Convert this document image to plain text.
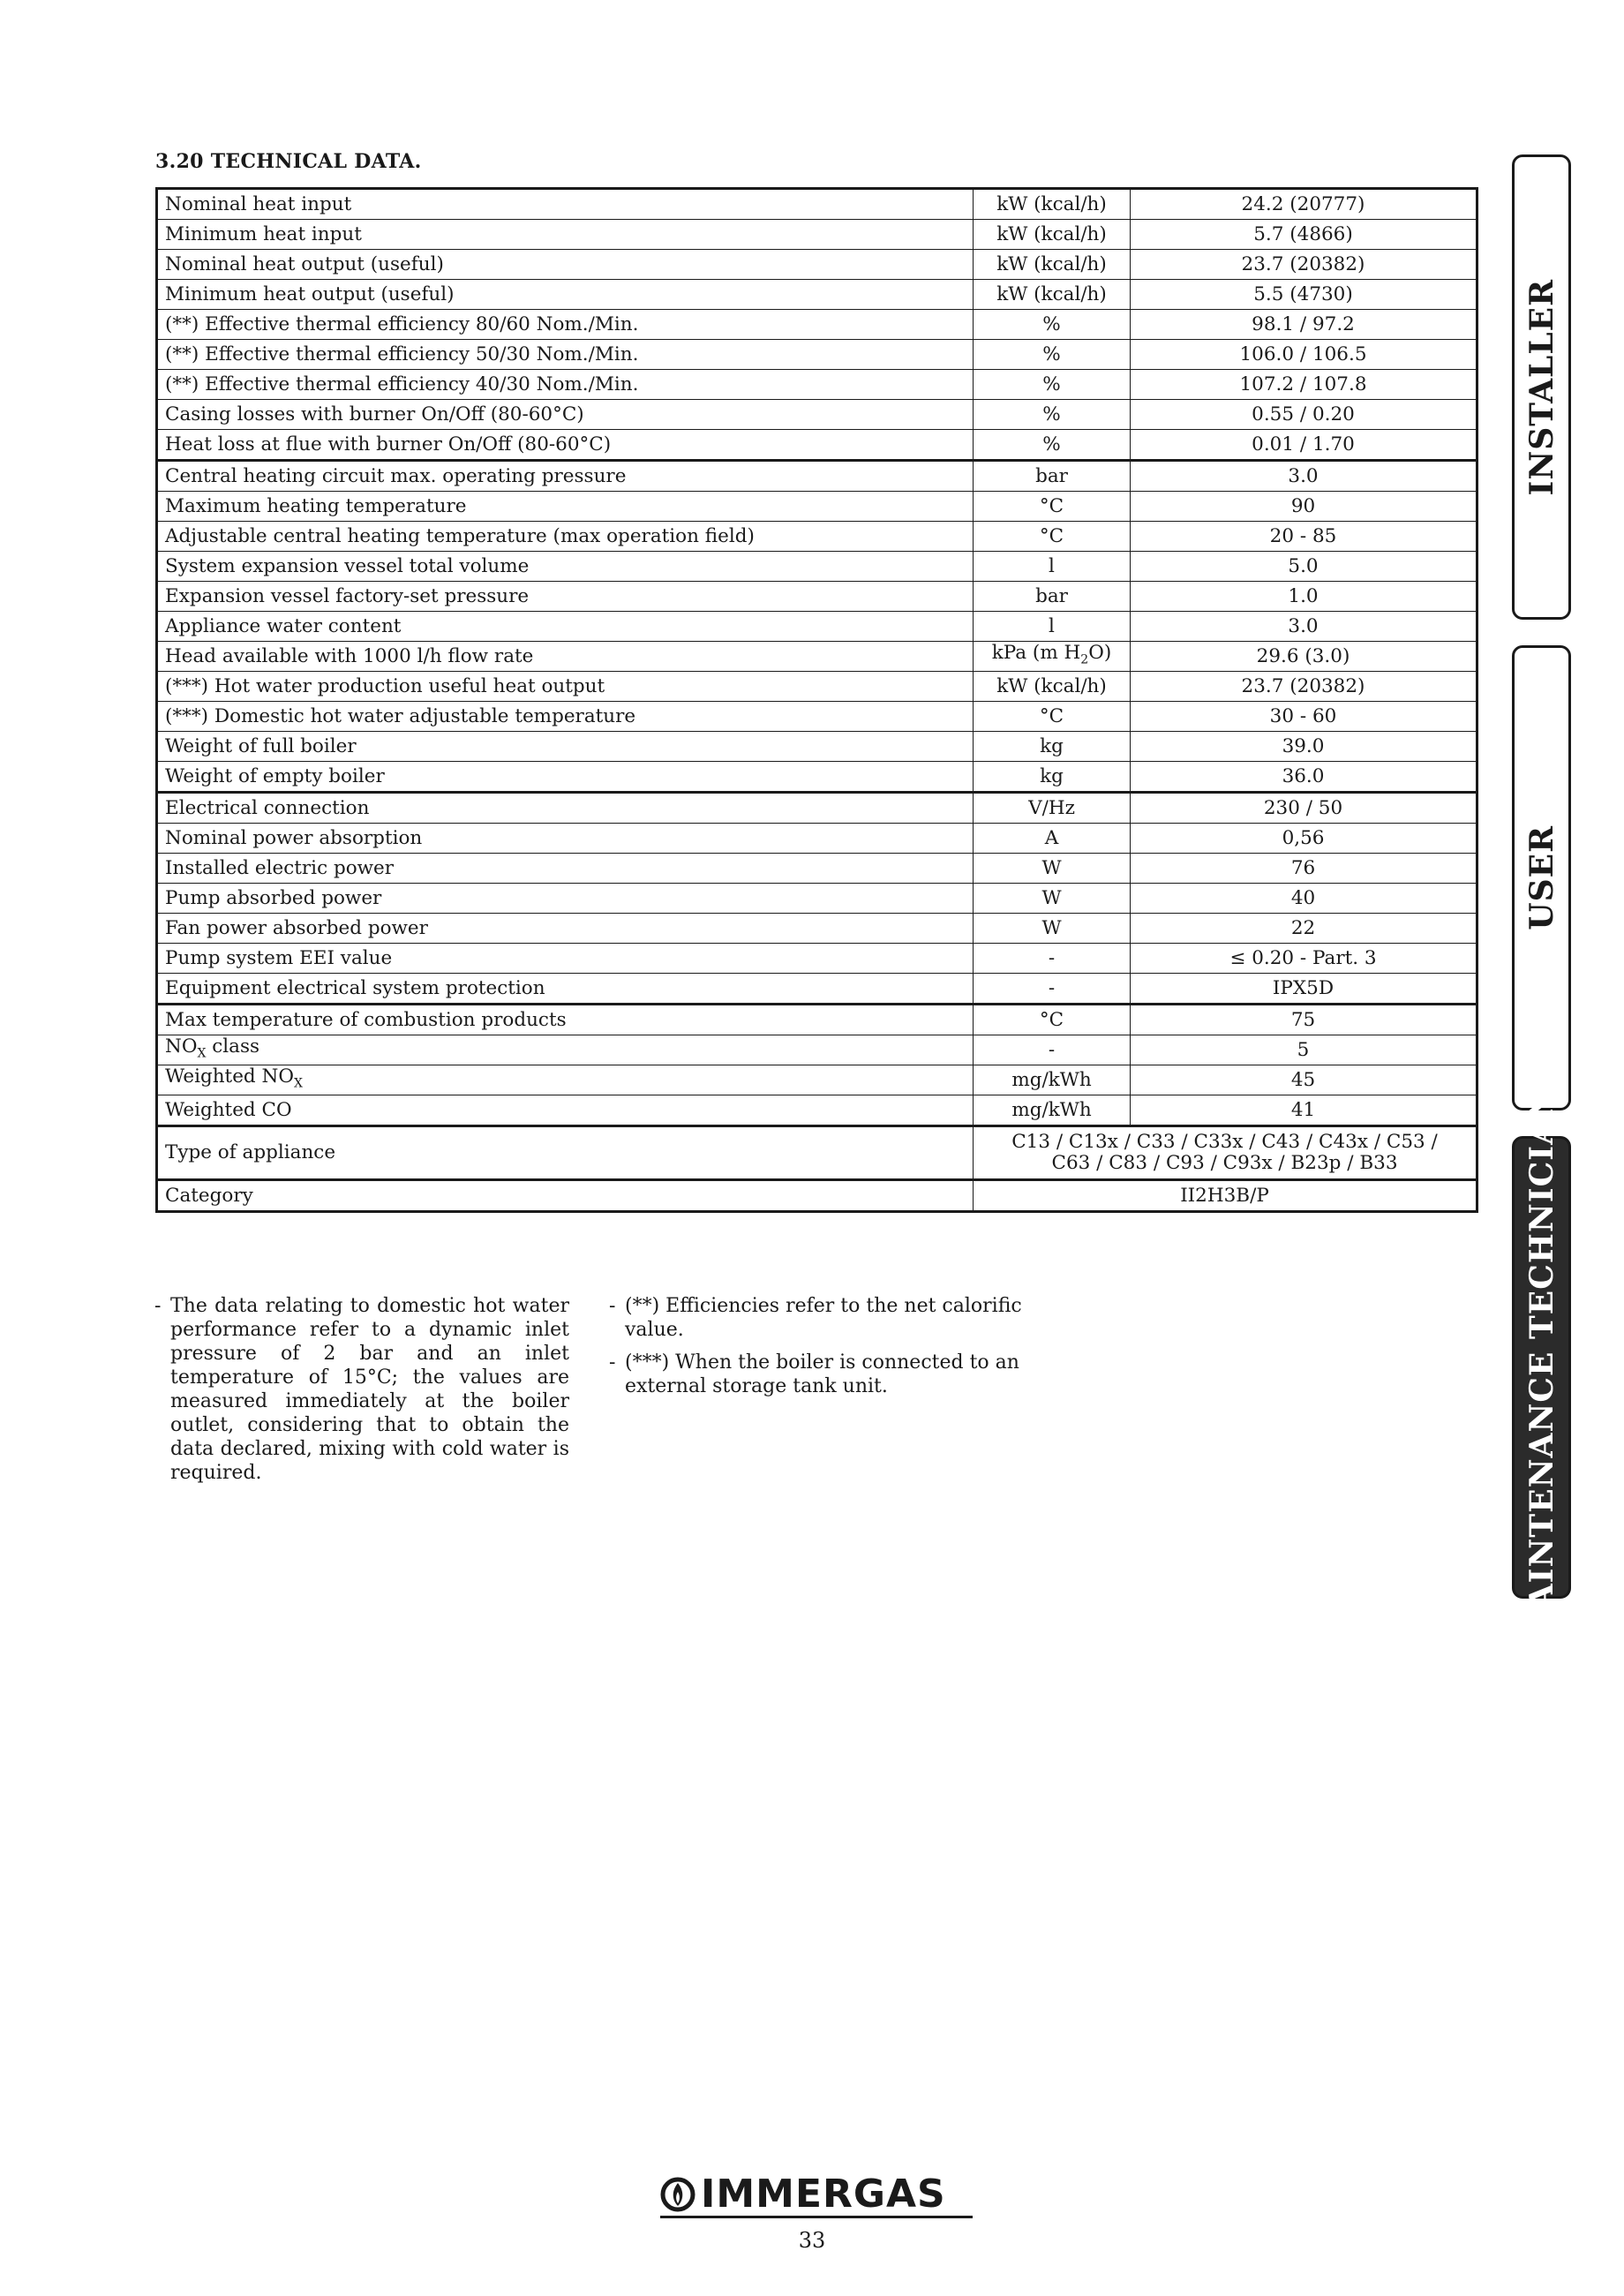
3.20 TECHNICAL DATA.
Nominal heat input	kW (kcal/h)	24.2 (20777)
Minimum heat input	kW (kcal/h)	5.7 (4866)
Nominal heat output (useful)	kW (kcal/h)	23.7 (20382)
Minimum heat output (useful)	kW (kcal/h)	5.5 (4730)
(**) Effective thermal efficiency 80/60 Nom./Min.	%	98.1 / 97.2
(**) Effective thermal efficiency 50/30 Nom./Min.	%	106.0 / 106.5
(**) Effective thermal efficiency 40/30 Nom./Min.	%	107.2 / 107.8
Casing losses with burner On/Off (80-60°C)	%	0.55 / 0.20
Heat loss at flue with burner On/Off (80-60°C)	%	0.01 / 1.70
Central heating circuit max. operating pressure	bar	3.0
Maximum heating temperature	°C	90
Adjustable central heating temperature (max operation field)	°C	20 - 85
System expansion vessel total volume	l	5.0
Expansion vessel factory-set pressure	bar	1.0
Appliance water content	l	3.0
Head available with 1000 l/h flow rate	kPa (m $H_2O$)	29.6 (3.0)
(***) Hot water production useful heat output	kW (kcal/h)	23.7 (20382)
(***) Domestic hot water adjustable temperature	°C	30 - 60
Weight of full boiler	kg	39.0
Weight of empty boiler	kg	36.0
Electrical connection	V/Hz	230 / 50
Nominal power absorption	A	0,56
Installed electric power	W	76
Pump absorbed power	W	40
Fan power absorbed power	W	22
Pump system EEI value	-	≤ 0.20 - Part. 3
Equipment electrical system protection	-	IPX5D
Max temperature of combustion products	°C	75
$NO_X$ class	-	5
Weighted $NO_X$	mg/kWh	45
Weighted CO	mg/kWh	41
Type of appliance	C13 / C13x / C33 / C33x / C43 / C43x / C53 / C63 / C83 / C93 / C93x / B23p / B33	
Category	II2H3B/P	
- The data relating to domestic hot water performance refer to a dynamic inlet pressure of 2 bar and an inlet temperature of 15°C; the values are measured immediately at the boiler outlet, considering that to obtain the data declared, mixing with cold water is required.

- (**) Efficiencies refer to the net calorific value.

- (***) When the boiler is connected to an external storage tank unit.

INSTALLER
USER
MAINTENANCE TECHNICIAN
IMMERGAS
33
